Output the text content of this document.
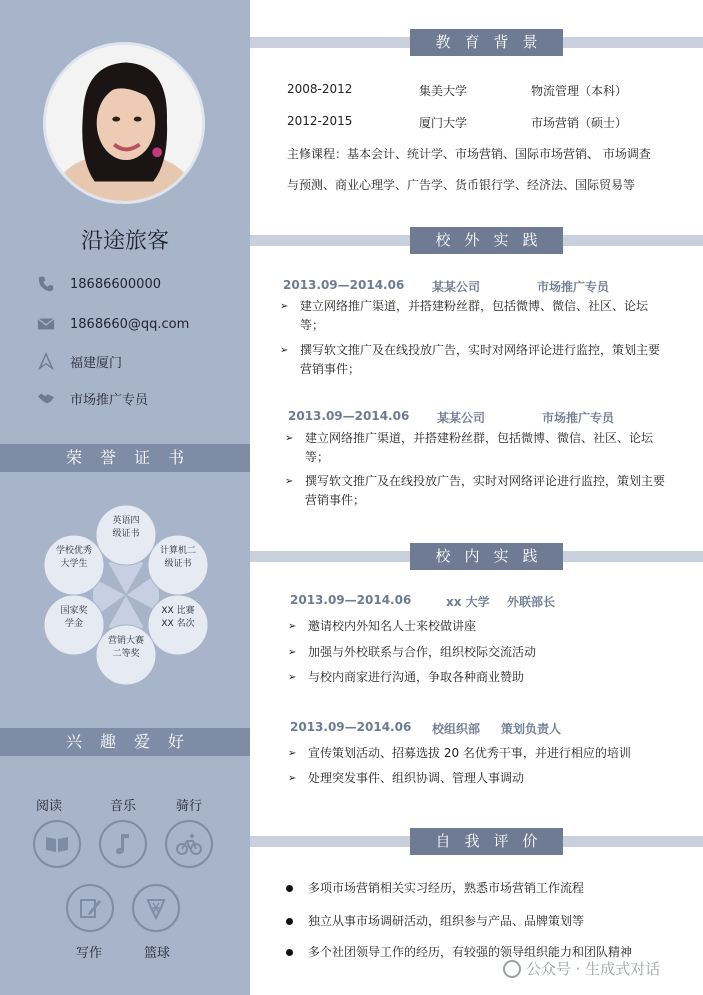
沿途旅客
18686600000
1868660@qq.com
福建厦门
市场推广专员
荣誉证书
英语四
级证书
计算机二
级证书
XX 比赛
XX 名次
营销大赛
二等奖
国家奖
学金
学校优秀
大学生
兴趣爱好
阅读	音乐	骑行
写作	篮球
教育背景
2008-2012	集美大学	物流管理（本科）
2012-2015	厦门大学	市场营销（硕士）
主修课程：基本会计、统计学、市场营销、国际市场营销、 市场调查
与预测、商业心理学、广告学、货币银行学、经济法、国际贸易等
校外实践
2013.09—2014.06 某某公司	市场推广专员
➢ 建立网络推广渠道，并搭建粉丝群，包括微博、微信、社区、论坛
等；
➢ 撰写软文推广及在线投放广告，实时对网络评论进行监控，策划主要
营销事件；
2013.09—2014.06 某某公司	市场推广专员
➢ 建立网络推广渠道，并搭建粉丝群，包括微博、微信、社区、论坛
等；
➢ 撰写软文推广及在线投放广告，实时对网络评论进行监控，策划主要
营销事件；
校内实践
2013.09—2014.06	xx 大学 外联部长
➢ 邀请校内外知名人士来校做讲座
➢ 加强与外校联系与合作，组织校际交流活动
➢ 与校内商家进行沟通，争取各种商业赞助
2013.09—2014.06 校组织部 策划负责人
➢ 宣传策划活动、招募选拔 20 名优秀干事，并进行相应的培训
➢ 处理突发事件、组织协调、管理人事调动
自我评价
多项市场营销相关实习经历，熟悉市场营销工作流程
独立从事市场调研活动，组织参与产品、品牌策划等
多个社团领导工作的经历，有较强的领导组织能力和团队精神
公众号 · 生成式对话
